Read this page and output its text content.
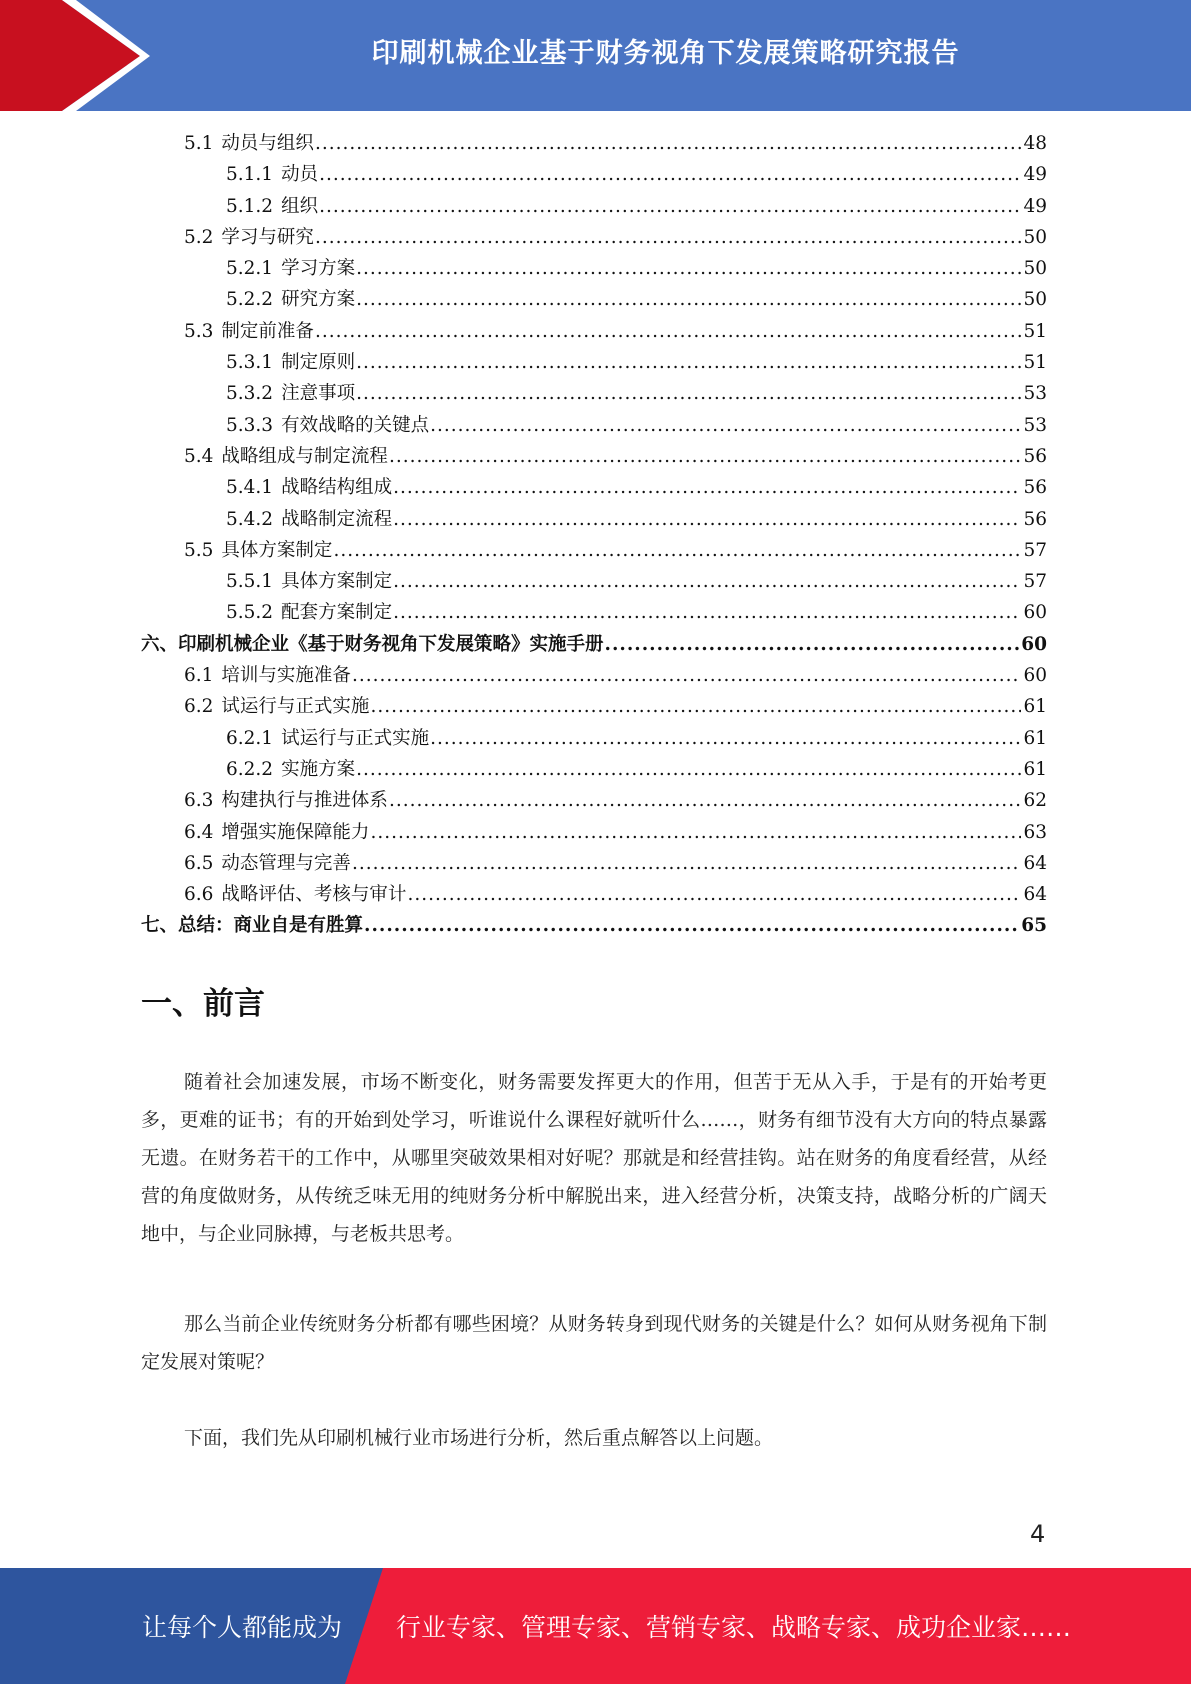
印刷机械企业基于财务视角下发展策略研究报告
5.1 动员与组织 .....	48
5.1.1 动员 .....	49
5.1.2 组织 .....	49
5.2 学习与研究 .....	50
5.2.1 学习方案 .....	50
5.2.2 研究方案 .....	50
5.3 制定前准备 .....	51
5.3.1 制定原则 .....	51
5.3.2 注意事项 .....	53
5.3.3 有效战略的关键点 .....	53
5.4 战略组成与制定流程 .....	56
5.4.1 战略结构组成 .....	56
5.4.2 战略制定流程 .....	56
5.5 具体方案制定 .....	57
5.5.1 具体方案制定 .....	57
5.5.2 配套方案制定 .....	60
六、印刷机械企业《基于财务视角下发展策略》实施手册 .....	60
6.1 培训与实施准备 .....	60
6.2 试运行与正式实施 .....	61
6.2.1 试运行与正式实施 .....	61
6.2.2 实施方案 .....	61
6.3 构建执行与推进体系 .....	62
6.4 增强实施保障能力 .....	63
6.5 动态管理与完善 .....	64
6.6 战略评估、考核与审计 .....	64
七、总结：商业自是有胜算 .....	65
一、前言

随着社会加速发展，市场不断变化，财务需要发挥更大的作用，但苦于无从入手，于是有的开始考更多，更难的证书；有的开始到处学习，听谁说什么课程好就听什么……，财务有细节没有大方向的特点暴露无遗。在财务若干的工作中，从哪里突破效果相对好呢？那就是和经营挂钩。站在财务的角度看经营，从经营的角度做财务，从传统乏味无用的纯财务分析中解脱出来，进入经营分析，决策支持，战略分析的广阔天地中，与企业同脉搏，与老板共思考。

那么当前企业传统财务分析都有哪些困境？从财务转身到现代财务的关键是什么？如何从财务视角下制定发展对策呢？

下面，我们先从印刷机械行业市场进行分析，然后重点解答以上问题。

4
让每个人都能成为 行业专家、管理专家、营销专家、战略专家、成功企业家……
